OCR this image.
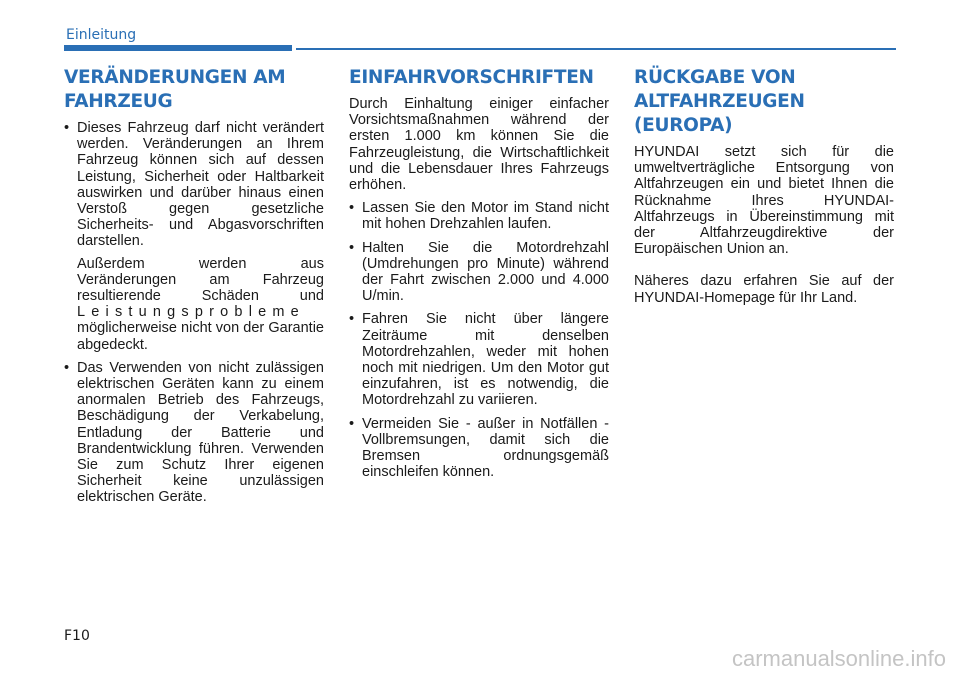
Einleitung
VERÄNDERUNGEN AM FAHRZEUG
• Dieses Fahrzeug darf nicht verändert werden. Veränderungen an Ihrem Fahrzeug können sich auf dessen Leistung, Sicherheit oder Haltbarkeit auswirken und darüber hinaus einen Verstoß gegen gesetzliche Sicherheits- und Abgasvorschriften darstellen.

Außerdem werden aus Veränderungen am Fahrzeug resultierende Schäden und Leistungsprobleme möglicherweise nicht von der Garantie abgedeckt.

• Das Verwenden von nicht zulässigen elektrischen Geräten kann zu einem anormalen Betrieb des Fahrzeugs, Beschädigung der Verkabelung, Entladung der Batterie und Brandentwicklung führen. Verwenden Sie zum Schutz Ihrer eigenen Sicherheit keine unzulässigen elektrischen Geräte.
EINFAHRVORSCHRIFTEN

Durch Einhaltung einiger einfacher Vorsichtsmaßnahmen während der ersten 1.000 km können Sie die Fahrzeugleistung, die Wirtschaftlichkeit und die Lebensdauer Ihres Fahrzeugs erhöhen.

• Lassen Sie den Motor im Stand nicht mit hohen Drehzahlen laufen.
• Halten Sie die Motordrehzahl (Umdrehungen pro Minute) während der Fahrt zwischen 2.000 und 4.000 U/min.
• Fahren Sie nicht über längere Zeiträume mit denselben Motordrehzahlen, weder mit hohen noch mit niedrigen. Um den Motor gut einzufahren, ist es notwendig, die Motordrehzahl zu variieren.
• Vermeiden Sie - außer in Notfällen - Vollbremsungen, damit sich die Bremsen ordnungsgemäß einschleifen können.
RÜCKGABE VON ALTFAHRZEUGEN (EUROPA)

HYUNDAI setzt sich für die umweltverträgliche Entsorgung von Altfahrzeugen ein und bietet Ihnen die Rücknahme Ihres HYUNDAI-Altfahrzeugs in Übereinstimmung mit der Altfahrzeugdirektive der Europäischen Union an.

Näheres dazu erfahren Sie auf der HYUNDAI-Homepage für Ihr Land.

F10
carmanualsonline.info
